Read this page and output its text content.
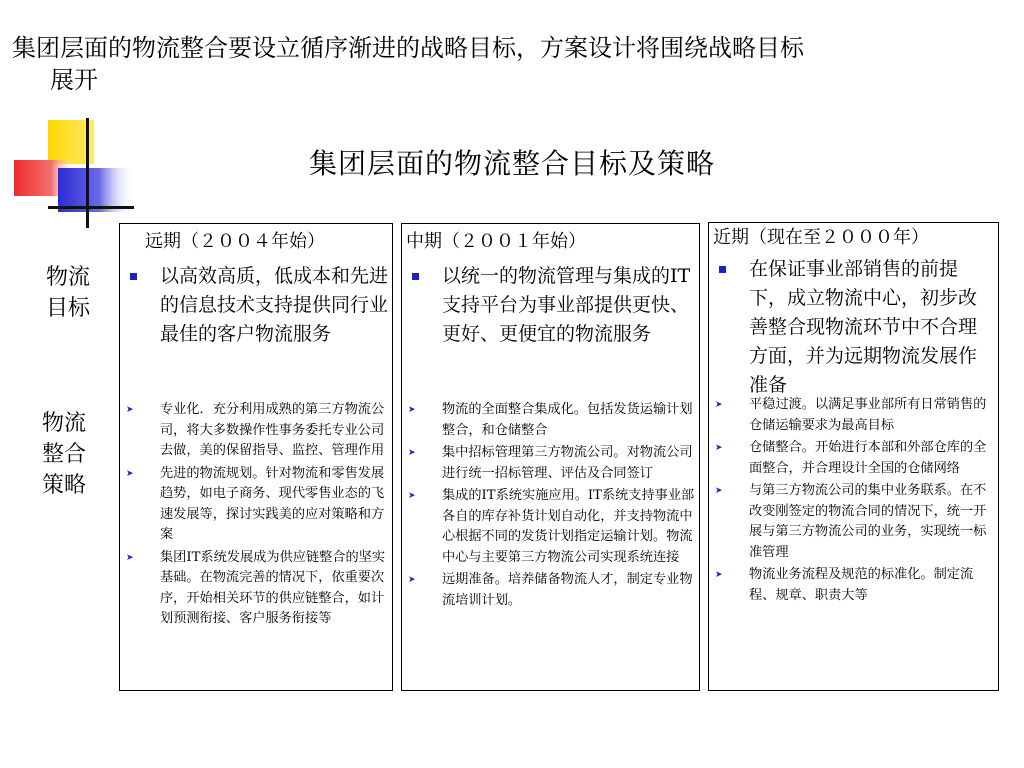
集团层面的物流整合要设立循序渐进的战略目标，方案设计将围绕战略目标
展开
集团层面的物流整合目标及策略
物流
目标
物流
整合
策略
远期（２００４年始）
以高效高质，低成本和先进的信息技术支持提供同行业最佳的客户物流服务
➤ 专业化．充分利用成熟的第三方物流公司，将大多数操作性事务委托专业公司去做，美的保留指导、监控、管理作用
➤ 先进的物流规划。针对物流和零售发展趋势，如电子商务、现代零售业态的飞速发展等，探讨实践美的应对策略和方案
➤ 集团IT系统发展成为供应链整合的坚实基础。在物流完善的情况下，依重要次序，开始相关环节的供应链整合，如计划预测衔接、客户服务衔接等
中期（２００１年始）
以统一的物流管理与集成的IT支持平台为事业部提供更快、更好、更便宜的物流服务
➤ 物流的全面整合集成化。包括发货运输计划整合，和仓储整合
➤ 集中招标管理第三方物流公司。对物流公司进行统一招标管理、评估及合同签订
➤ 集成的IT系统实施应用。IT系统支持事业部各自的库存补货计划自动化，并支持物流中心根据不同的发货计划指定运输计划。物流中心与主要第三方物流公司实现系统连接
➤ 远期准备。培养储备物流人才，制定专业物流培训计划。
近期（现在至２０００年）
在保证事业部销售的前提下，成立物流中心，初步改善整合现物流环节中不合理方面，并为远期物流发展作准备
➤ 平稳过渡。以满足事业部所有日常销售的仓储运输要求为最高目标
➤ 仓储整合。开始进行本部和外部仓库的全面整合，并合理设计全国的仓储网络
➤ 与第三方物流公司的集中业务联系。在不改变刚签定的物流合同的情况下，统一开展与第三方物流公司的业务，实现统一标准管理
➤ 物流业务流程及规范的标准化。制定流程、规章、职责大等
